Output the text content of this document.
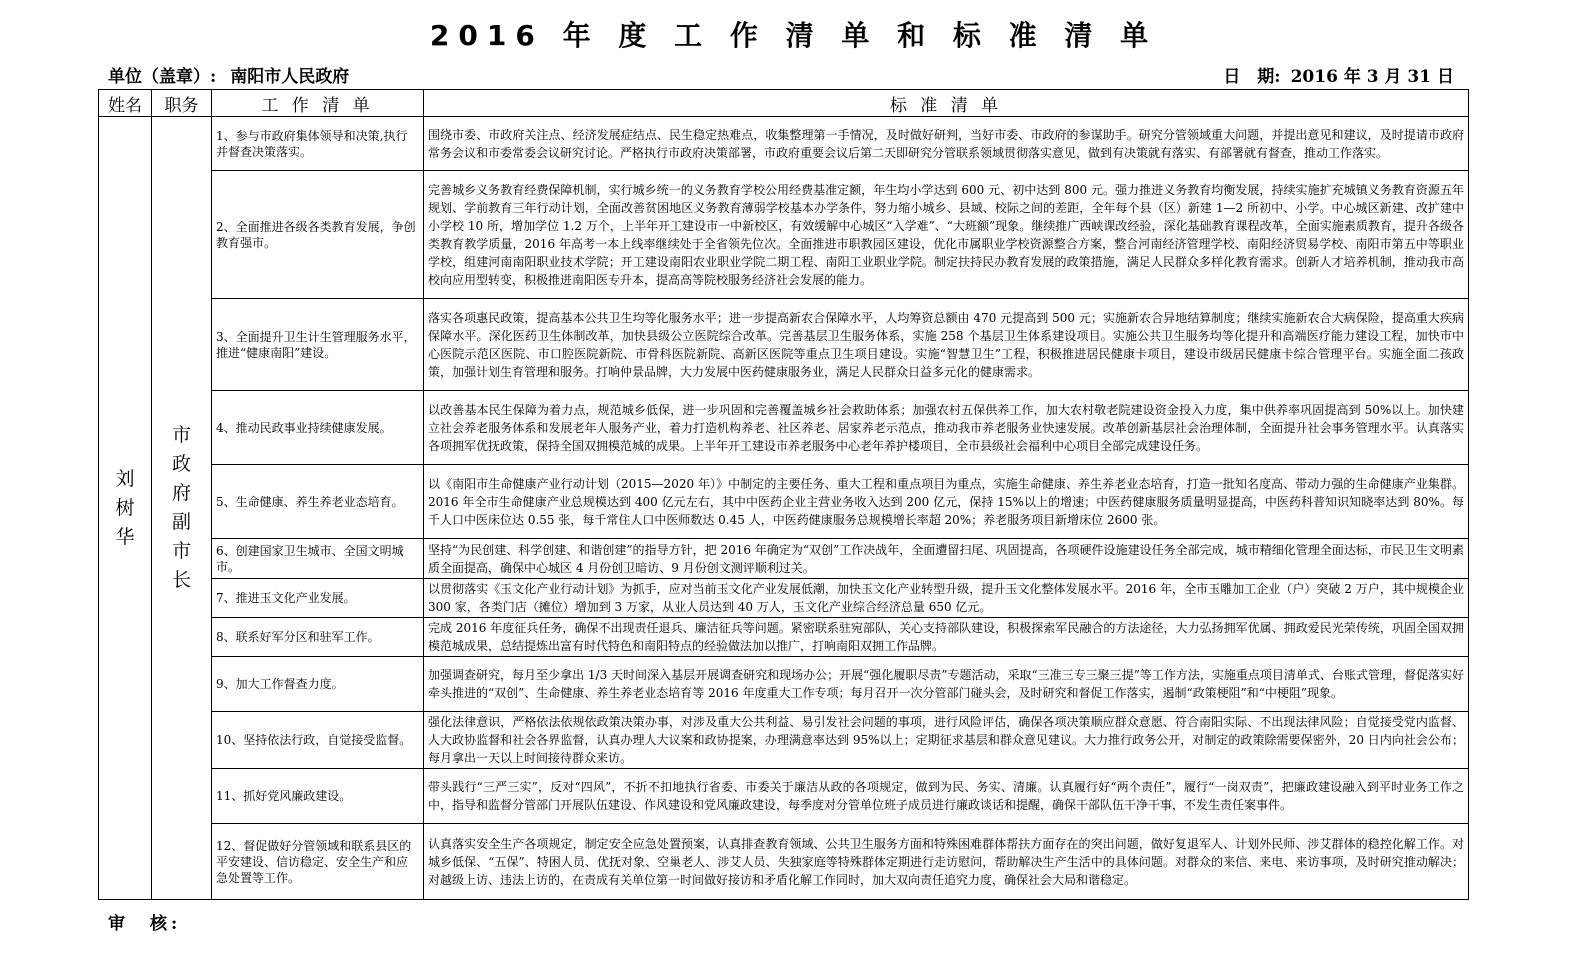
2016 年 度 工 作 清 单 和 标 准 清 单
单位（盖章）: 南阳市人民政府	日　期: 2016 年 3 月 31 日
姓名	职务	工 作 清 单	标 准 清 单
刘树华	市政府副市长	1、参与市政府集体领导和决策,执行并督查决策落实。	围绕市委、市政府关注点、经济发展症结点、民生稳定热难点，收集整理第一手情况，及时做好研判，当好市委、市政府的参谋助手。研究分管领域重大问题，并提出意见和建议，及时提请市政府常务会议和市委常委会议研究讨论。严格执行市政府决策部署，市政府重要会议后第二天即研究分管联系领域贯彻落实意见，做到有决策就有落实、有部署就有督查，推动工作落实。
		2、全面推进各级各类教育发展，争创教育强市。	完善城乡义务教育经费保障机制，实行城乡统一的义务教育学校公用经费基准定额，年生均小学达到 600 元、初中达到 800 元。强力推进义务教育均衡发展，持续实施扩充城镇义务教育资源五年规划、学前教育三年行动计划，全面改善贫困地区义务教育薄弱学校基本办学条件，努力缩小城乡、县域、校际之间的差距，全年每个县（区）新建 1—2 所初中、小学。中心城区新建、改扩建中小学校 10 所，增加学位 1.2 万个，上半年开工建设市一中新校区，有效缓解中心城区“入学难”、“大班额”现象。继续推广西峡课改经验，深化基础教育课程改革，全面实施素质教育，提升各级各类教育教学质量，2016 年高考一本上线率继续处于全省领先位次。全面推进市职教园区建设，优化市属职业学校资源整合方案，整合河南经济管理学校、南阳经济贸易学校、南阳市第五中等职业学校，组建河南南阳职业技术学院；开工建设南阳农业职业学院二期工程、南阳工业职业学院。制定扶持民办教育发展的政策措施，满足人民群众多样化教育需求。创新人才培养机制，推动我市高校向应用型转变，积极推进南阳医专升本，提高高等院校服务经济社会发展的能力。
		3、全面提升卫生计生管理服务水平，推进“健康南阳”建设。	落实各项惠民政策，提高基本公共卫生均等化服务水平；进一步提高新农合保障水平，人均筹资总额由 470 元提高到 500 元；实施新农合异地结算制度；继续实施新农合大病保险，提高重大疾病保障水平。深化医药卫生体制改革，加快县级公立医院综合改革。完善基层卫生服务体系，实施 258 个基层卫生体系建设项目。实施公共卫生服务均等化提升和高端医疗能力建设工程，加快市中心医院示范区医院、市口腔医院新院、市骨科医院新院、高新区医院等重点卫生项目建设。实施“智慧卫生”工程，积极推进居民健康卡项目，建设市级居民健康卡综合管理平台。实施全面二孩政策，加强计划生育管理和服务。打响仲景品牌，大力发展中医药健康服务业，满足人民群众日益多元化的健康需求。
		4、推动民政事业持续健康发展。	以改善基本民生保障为着力点，规范城乡低保，进一步巩固和完善覆盖城乡社会救助体系；加强农村五保供养工作，加大农村敬老院建设资金投入力度，集中供养率巩固提高到 50%以上。加快建立社会养老服务体系和发展老年人服务产业，着力打造机构养老、社区养老、居家养老示范点，推动我市养老服务业快速发展。改革创新基层社会治理体制，全面提升社会事务管理水平。认真落实各项拥军优抚政策，保持全国双拥模范城的成果。上半年开工建设市养老服务中心老年养护楼项目，全市县级社会福利中心项目全部完成建设任务。
		5、生命健康、养生养老业态培育。	以《南阳市生命健康产业行动计划（2015—2020 年）》中制定的主要任务、重大工程和重点项目为重点，实施生命健康、养生养老业态培育，打造一批知名度高、带动力强的生命健康产业集群。2016 年全市生命健康产业总规模达到 400 亿元左右，其中中医药企业主营业务收入达到 200 亿元，保持 15%以上的增速；中医药健康服务质量明显提高，中医药科普知识知晓率达到 80%。每千人口中医床位达 0.55 张，每千常住人口中医师数达 0.45 人，中医药健康服务总规模增长率超 20%；养老服务项目新增床位 2600 张。
		6、创建国家卫生城市、全国文明城市。	坚持“为民创建、科学创建、和谐创建”的指导方针，把 2016 年确定为“双创”工作决战年，全面遭留扫尾、巩固提高，各项硬件设施建设任务全部完成，城市精细化管理全面达标，市民卫生文明素质全面提高，确保中心城区 4 月份创卫暗访、9 月份创文测评顺利过关。
		7、推进玉文化产业发展。	以贯彻落实《玉文化产业行动计划》为抓手，应对当前玉文化产业发展低潮，加快玉文化产业转型升级，提升玉文化整体发展水平。2016 年，全市玉雕加工企业（户）突破 2 万户，其中规模企业 300 家，各类门店（摊位）增加到 3 万家，从业人员达到 40 万人，玉文化产业综合经济总量 650 亿元。
		8、联系好军分区和驻军工作。	完成 2016 年度征兵任务，确保不出现责任退兵、廉洁征兵等问题。紧密联系驻宛部队，关心支持部队建设，积极探索军民融合的方法途径，大力弘扬拥军优属、拥政爱民光荣传统，巩固全国双拥模范城成果，总结提炼出富有时代特色和南阳特点的经验做法加以推广，打响南阳双拥工作品牌。
		9、加大工作督查力度。	加强调查研究，每月至少拿出 1/3 天时间深入基层开展调查研究和现场办公；开展“强化履职尽责”专题活动，采取“三准三专三聚三提”等工作方法，实施重点项目清单式、台账式管理，督促落实好牵头推进的“双创”、生命健康、养生养老业态培育等 2016 年度重大工作专项；每月召开一次分管部门碰头会，及时研究和督促工作落实，遏制“政策梗阻”和“中梗阻”现象。
		10、坚持依法行政，自觉接受监督。	强化法律意识，严格依法依规依政策决策办事，对涉及重大公共利益、易引发社会问题的事项，进行风险评估，确保各项决策顺应群众意愿、符合南阳实际、不出现法律风险；自觉接受党内监督、人大政协监督和社会各界监督，认真办理人大议案和政协提案，办理满意率达到 95%以上；定期征求基层和群众意见建议。大力推行政务公开，对制定的政策除需要保密外，20 日内向社会公布；每月拿出一天以上时间接待群众来访。
		11、抓好党风廉政建设。	带头践行“三严三实”，反对“四风”，不折不扣地执行省委、市委关于廉洁从政的各项规定，做到为民、务实、清廉。认真履行好“两个责任”，履行“一岗双责”，把廉政建设融入到平时业务工作之中，指导和监督分管部门开展队伍建设、作风建设和党风廉政建设，每季度对分管单位班子成员进行廉政谈话和提醒，确保干部队伍干净干事，不发生责任案事件。
		12、督促做好分管领域和联系县区的平安建设、信访稳定、安全生产和应急处置等工作。	认真落实安全生产各项规定，制定安全应急处置预案，认真排查教育领域、公共卫生服务方面和特殊困难群体帮扶方面存在的突出问题，做好复退军人、计划外民师、涉艾群体的稳控化解工作。对城乡低保、“五保”、特困人员、优抚对象、空巢老人、涉艾人员、失独家庭等特殊群体定期进行走访慰问，帮助解决生产生活中的具体问题。对群众的来信、来电、来访事项，及时研究推动解决；对越级上访、违法上访的，在责成有关单位第一时间做好接访和矛盾化解工作同时，加大双向责任追究力度，确保社会大局和谐稳定。
审　核:
